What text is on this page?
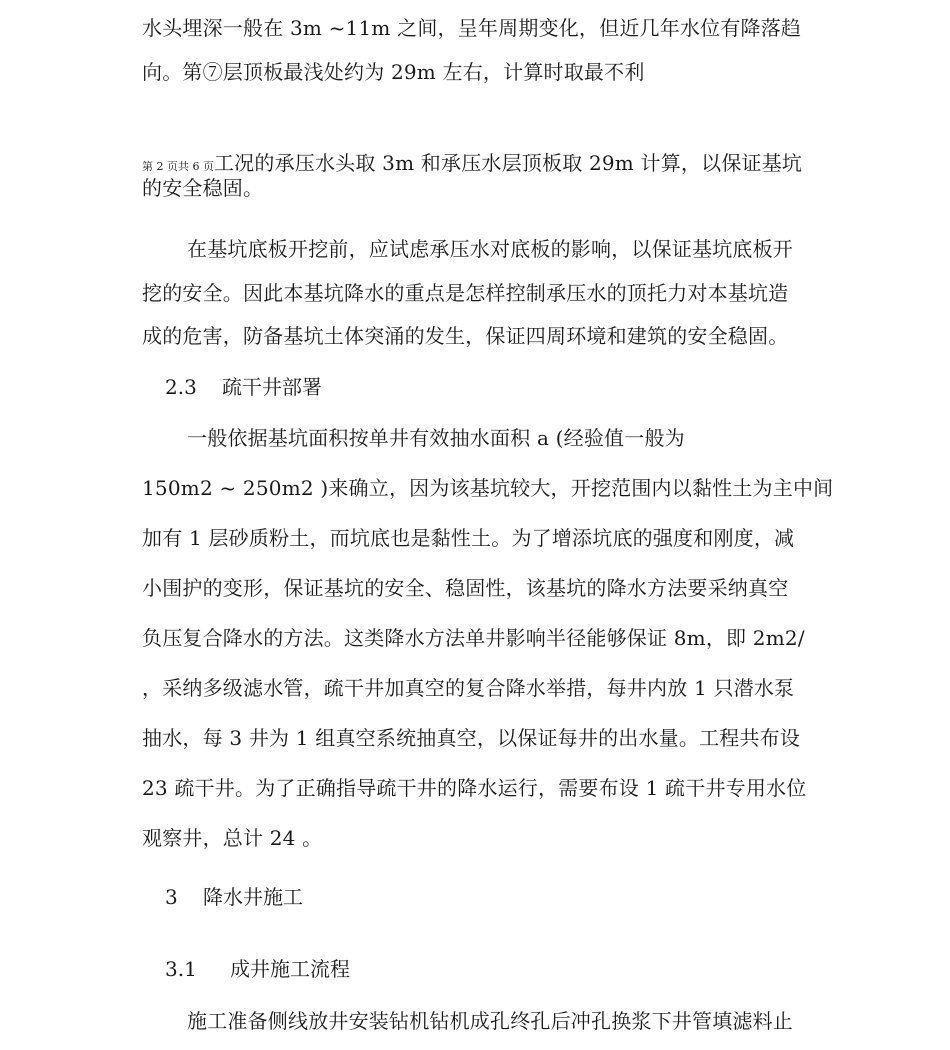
水头埋深一般在 3m ~11m 之间，呈年周期变化，但近几年水位有降落趋
向。第⑦层顶板最浅处约为 29m 左右，计算时取最不利
第 2 页共 6 页工况的承压水头取 3m 和承压水层顶板取 29m 计算，以保证基坑
的安全稳固。
在基坑底板开挖前，应试虑承压水对底板的影响，以保证基坑底板开
挖的安全。因此本基坑降水的重点是怎样控制承压水的顶托力对本基坑造
成的危害，防备基坑土体突涌的发生，保证四周环境和建筑的安全稳固。
2.3 疏干井部署
一般依据基坑面积按单井有效抽水面积 a (经验值一般为
150m2 ~ 250m2 )来确立，因为该基坑较大，开挖范围内以黏性土为主中间
加有 1 层砂质粉土，而坑底也是黏性土。为了增添坑底的强度和刚度，减
小围护的变形，保证基坑的安全、稳固性，该基坑的降水方法要采纳真空
负压复合降水的方法。这类降水方法单井影响半径能够保证 8m，即 2m2/
，采纳多级滤水管，疏干井加真空的复合降水举措，每井内放 1 只潜水泵
抽水，每 3 井为 1 组真空系统抽真空，以保证每井的出水量。工程共布设
23 疏干井。为了正确指导疏干井的降水运行，需要布设 1 疏干井专用水位
观察井，总计 24 。
3 降水井施工
3.1 成井施工流程
施工准备侧线放井安装钻机钻机成孔终孔后冲孔换浆下井管填滤料止
